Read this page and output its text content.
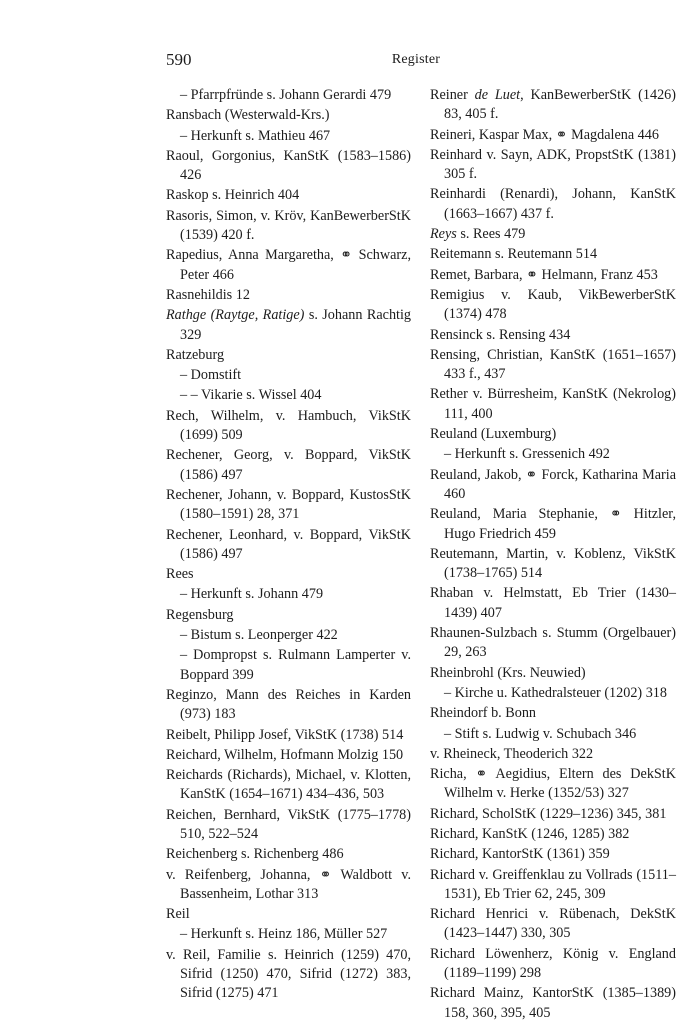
590	Register

– Pfarrpfründe s. Johann Gerardi 479

Ransbach (Westerwald-Krs.)

– Herkunft s. Mathieu 467

Raoul, Gorgonius, KanStK (1583–1586) 426

Raskop s. Heinrich 404

Rasoris, Simon, v. Kröv, KanBewerberStK (1539) 420 f.

Rapedius, Anna Margaretha, ⚭ Schwarz, Peter 466

Rasnehildis 12

Rathge (Raytge, Ratige) s. Johann Rachtig 329

Ratzeburg

– Domstift

– – Vikarie s. Wissel 404

Rech, Wilhelm, v. Hambuch, VikStK (1699) 509

Rechener, Georg, v. Boppard, VikStK (1586) 497

Rechener, Johann, v. Boppard, KustosStK (1580–1591) 28, 371

Rechener, Leonhard, v. Boppard, VikStK (1586) 497

Rees

– Herkunft s. Johann 479

Regensburg

– Bistum s. Leonperger 422

– Dompropst s. Rulmann Lamperter v. Boppard 399

Reginzo, Mann des Reiches in Karden (973) 183

Reibelt, Philipp Josef, VikStK (1738) 514

Reichard, Wilhelm, Hofmann Molzig 150

Reichards (Richards), Michael, v. Klotten, KanStK (1654–1671) 434–436, 503

Reichen, Bernhard, VikStK (1775–1778) 510, 522–524

Reichenberg s. Richenberg 486

v. Reifenberg, Johanna, ⚭ Waldbott v. Bassenheim, Lothar 313

Reil

– Herkunft s. Heinz 186, Müller 527

v. Reil, Familie s. Heinrich (1259) 470, Sifrid (1250) 470, Sifrid (1272) 383, Sifrid (1275) 471

Reiner de Luet, KanBewerberStK (1426) 83, 405 f.

Reineri, Kaspar Max, ⚭ Magdalena 446

Reinhard v. Sayn, ADK, PropstStK (1381) 305 f.

Reinhardi (Renardi), Johann, KanStK (1663–1667) 437 f.

Reys s. Rees 479

Reitemann s. Reutemann 514

Remet, Barbara, ⚭ Helmann, Franz 453

Remigius v. Kaub, VikBewerberStK (1374) 478

Rensinck s. Rensing 434

Rensing, Christian, KanStK (1651–1657) 433 f., 437

Rether v. Bürresheim, KanStK (Nekrolog) 111, 400

Reuland (Luxemburg)

– Herkunft s. Gressenich 492

Reuland, Jakob, ⚭ Forck, Katharina Maria 460

Reuland, Maria Stephanie, ⚭ Hitzler, Hugo Friedrich 459

Reutemann, Martin, v. Koblenz, VikStK (1738–1765) 514

Rhaban v. Helmstatt, Eb Trier (1430–1439) 407

Rhaunen-Sulzbach s. Stumm (Orgelbauer) 29, 263

Rheinbrohl (Krs. Neuwied)

– Kirche u. Kathedralsteuer (1202) 318

Rheindorf b. Bonn

– Stift s. Ludwig v. Schubach 346

v. Rheineck, Theoderich 322

Richa, ⚭ Aegidius, Eltern des DekStK Wilhelm v. Herke (1352/53) 327

Richard, ScholStK (1229–1236) 345, 381

Richard, KanStK (1246, 1285) 382

Richard, KantorStK (1361) 359

Richard v. Greiffenklau zu Vollrads (1511–1531), Eb Trier 62, 245, 309

Richard Henrici v. Rübenach, DekStK (1423–1447) 330, 305

Richard Löwenherz, König v. England (1189–1199) 298

Richard Mainz, KantorStK (1385–1389) 158, 360, 395, 405
